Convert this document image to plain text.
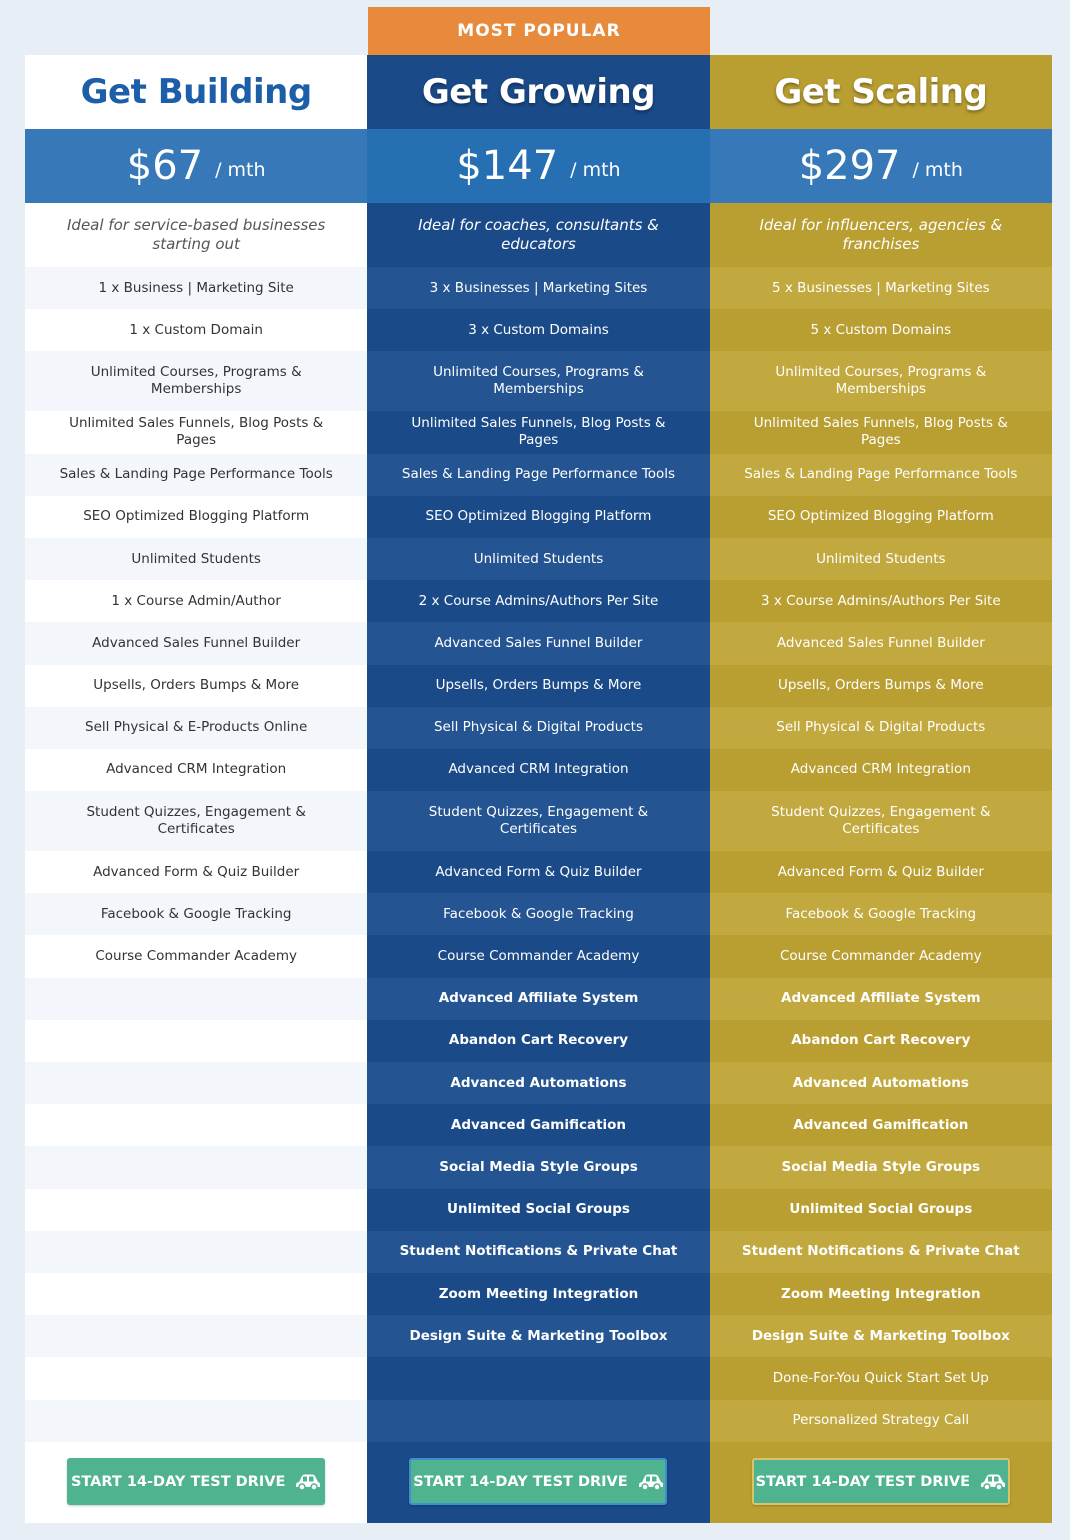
MOST POPULAR
Get Building
$67 / mth
Ideal for service-based businesses starting out
1 x Business | Marketing Site
1 x Custom Domain
Unlimited Courses, Programs & Memberships
Unlimited Sales Funnels, Blog Posts & Pages
Sales & Landing Page Performance Tools
SEO Optimized Blogging Platform
Unlimited Students
1 x Course Admin/Author
Advanced Sales Funnel Builder
Upsells, Orders Bumps & More
Sell Physical & E-Products Online
Advanced CRM Integration
Student Quizzes, Engagement & Certificates
Advanced Form & Quiz Builder
Facebook & Google Tracking
Course Commander Academy
START 14-DAY TEST DRIVE
Get Growing
$147 / mth
Ideal for coaches, consultants & educators
3 x Businesses | Marketing Sites
3 x Custom Domains
Unlimited Courses, Programs & Memberships
Unlimited Sales Funnels, Blog Posts & Pages
Sales & Landing Page Performance Tools
SEO Optimized Blogging Platform
Unlimited Students
2 x Course Admins/Authors Per Site
Advanced Sales Funnel Builder
Upsells, Orders Bumps & More
Sell Physical & Digital Products
Advanced CRM Integration
Student Quizzes, Engagement & Certificates
Advanced Form & Quiz Builder
Facebook & Google Tracking
Course Commander Academy
Advanced Affiliate System
Abandon Cart Recovery
Advanced Automations
Advanced Gamification
Social Media Style Groups
Unlimited Social Groups
Student Notifications & Private Chat
Zoom Meeting Integration
Design Suite & Marketing Toolbox
START 14-DAY TEST DRIVE
Get Scaling
$297 / mth
Ideal for influencers, agencies & franchises
5 x Businesses | Marketing Sites
5 x Custom Domains
Unlimited Courses, Programs & Memberships
Unlimited Sales Funnels, Blog Posts & Pages
Sales & Landing Page Performance Tools
SEO Optimized Blogging Platform
Unlimited Students
3 x Course Admins/Authors Per Site
Advanced Sales Funnel Builder
Upsells, Orders Bumps & More
Sell Physical & Digital Products
Advanced CRM Integration
Student Quizzes, Engagement & Certificates
Advanced Form & Quiz Builder
Facebook & Google Tracking
Course Commander Academy
Advanced Affiliate System
Abandon Cart Recovery
Advanced Automations
Advanced Gamification
Social Media Style Groups
Unlimited Social Groups
Student Notifications & Private Chat
Zoom Meeting Integration
Design Suite & Marketing Toolbox
Done-For-You Quick Start Set Up
Personalized Strategy Call
START 14-DAY TEST DRIVE
